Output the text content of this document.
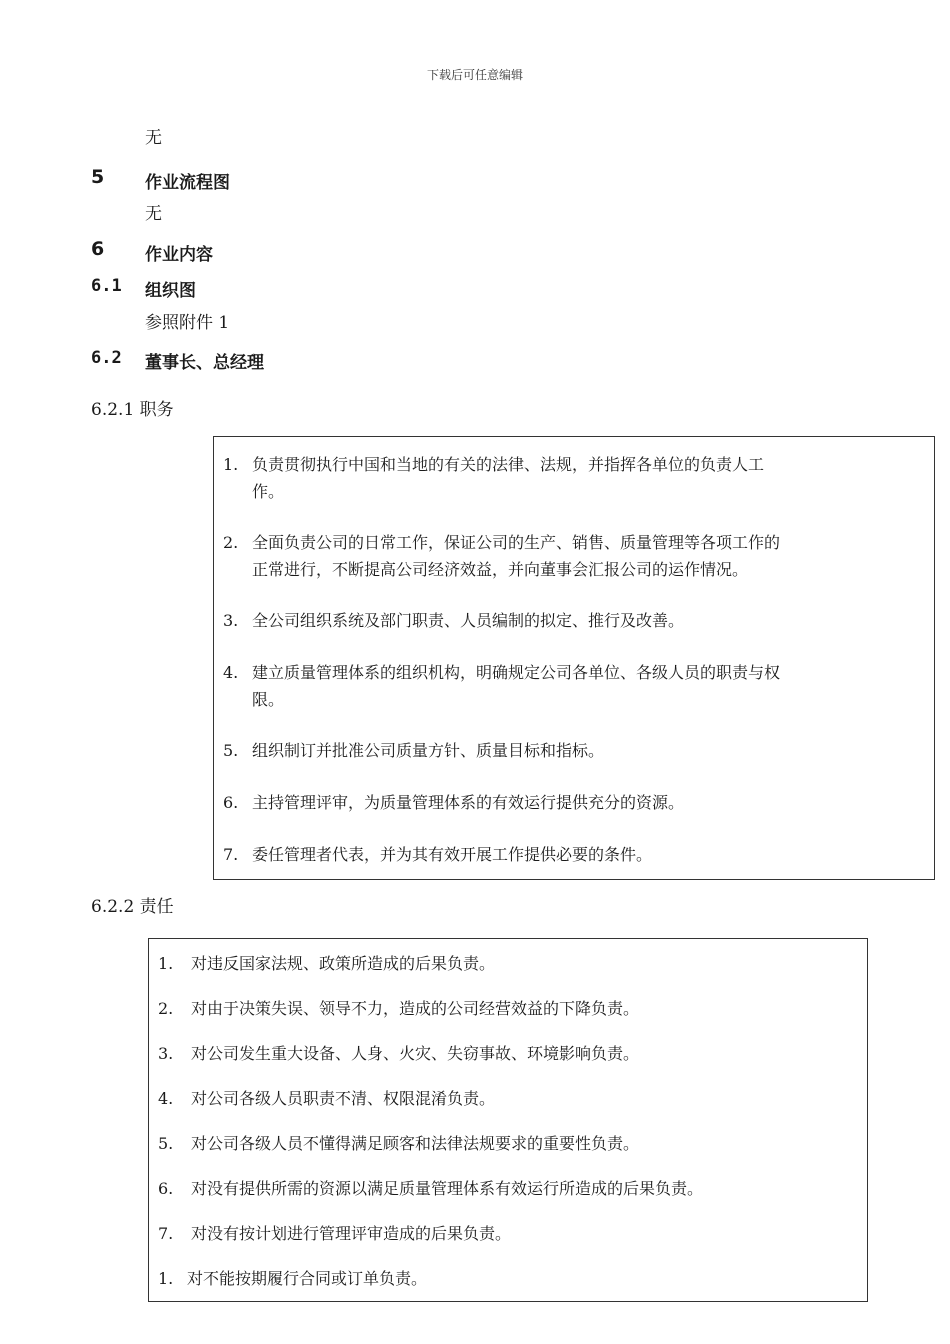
下载后可任意编辑
无
5 作业流程图
无
6 作业内容
6.1 组织图
参照附件 1
6.2 董事长、总经理
6.2.1 职务
1. 负责贯彻执行中国和当地的有关的法律、法规，并指挥各单位的负责人工
作。
2. 全面负责公司的日常工作，保证公司的生产、销售、质量管理等各项工作的
正常进行，不断提高公司经济效益，并向董事会汇报公司的运作情况。
3. 全公司组织系统及部门职责、人员编制的拟定、推行及改善。
4. 建立质量管理体系的组织机构，明确规定公司各单位、各级人员的职责与权
限。
5. 组织制订并批准公司质量方针、质量目标和指标。
6. 主持管理评审，为质量管理体系的有效运行提供充分的资源。
7. 委任管理者代表，并为其有效开展工作提供必要的条件。
6.2.2 责任
1. 对违反国家法规、政策所造成的后果负责。
2. 对由于决策失误、领导不力，造成的公司经营效益的下降负责。
3. 对公司发生重大设备、人身、火灾、失窃事故、环境影响负责。
4. 对公司各级人员职责不清、权限混淆负责。
5. 对公司各级人员不懂得满足顾客和法律法规要求的重要性负责。
6. 对没有提供所需的资源以满足质量管理体系有效运行所造成的后果负责。
7. 对没有按计划进行管理评审造成的后果负责。
1. 对不能按期履行合同或订单负责。
